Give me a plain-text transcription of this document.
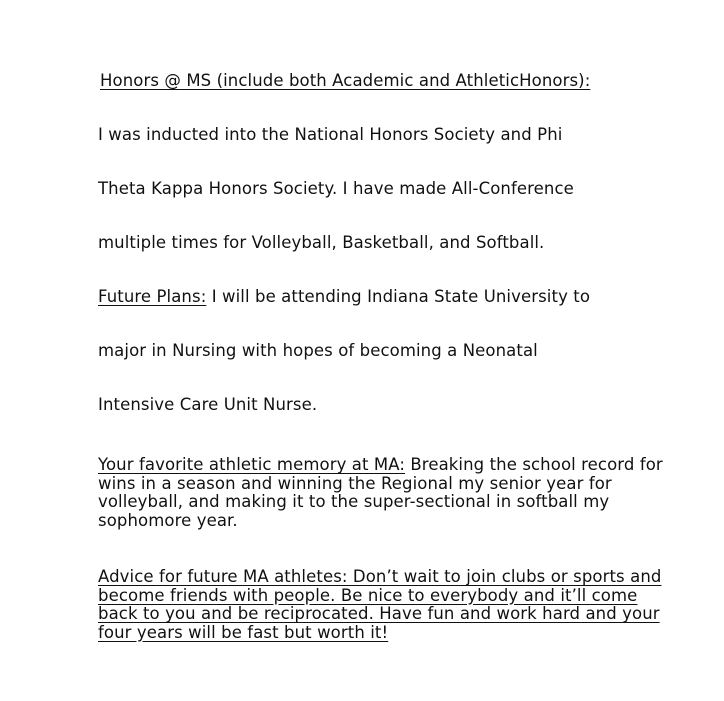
Honors @ MS (include both Academic and AthleticHonors):
I was inducted into the National Honors Society and Phi
Theta Kappa Honors Society. I have made All-Conference
multiple times for Volleyball, Basketball, and Softball.
Future Plans: I will be attending Indiana State University to
major in Nursing with hopes of becoming a Neonatal
Intensive Care Unit Nurse.
Your favorite athletic memory at MA: Breaking the school record for wins in a season and winning the Regional my senior year for volleyball, and making it to the super-sectional in softball my sophomore year.
Advice for future MA athletes: Don’t wait to join clubs or sports and become friends with people. Be nice to everybody and it’ll come back to you and be reciprocated. Have fun and work hard and your four years will be fast but worth it!
